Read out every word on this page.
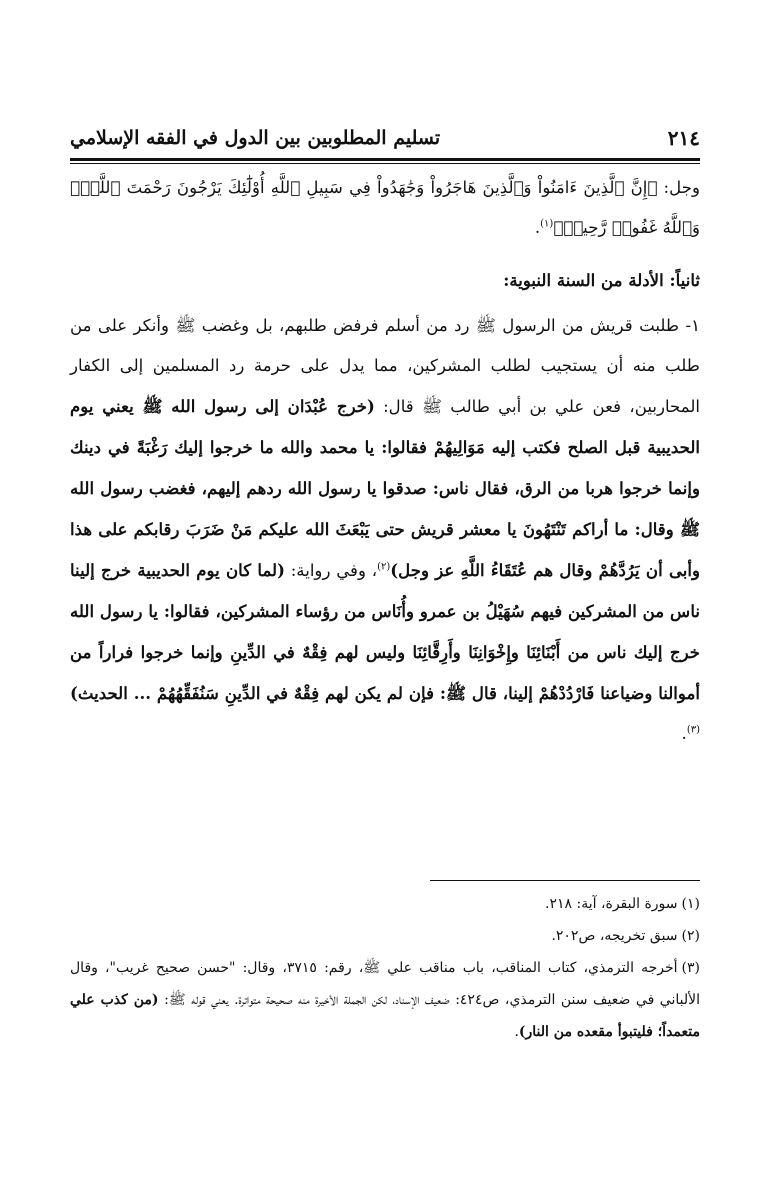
٢١٤
تسليم المطلوبين بين الدول في الفقه الإسلامي

وجل: ﴿إِنَّ ٱلَّذِينَ ءَامَنُواْ وَٱلَّذِينَ هَاجَرُواْ وَجَٰهَدُواْ فِي سَبِيلِ ٱللَّهِ أُوْلَٰٓئِكَ يَرْجُونَ رَحْمَتَ ٱللَّهِۚ وَٱللَّهُ غَفُورٞ رَّحِيمٞ﴾$^{(١)}$.

ثانياً: الأدلة من السنة النبوية:

١- طلبت قريش من الرسول ﷺ رد من أسلم فرفض طلبهم، بل وغضب ﷺ وأنكر على من طلب منه أن يستجيب لطلب المشركين، مما يدل على حرمة رد المسلمين إلى الكفار المحاربين، فعن علي بن أبي طالب ﷺ قال: (خرج عُبْدَان إلى رسول الله ﷺ يعني يوم الحديبية قبل الصلح فكتب إليه مَوَالِيهُمْ فقالوا: يا محمد والله ما خرجوا إليك رَغْبَةً في دينك وإنما خرجوا هربا من الرق، فقال ناس: صدقوا يا رسول الله ردهم إليهم، فغضب رسول الله ﷺ وقال: ما أراكم تَنْتَهُونَ يا معشر قريش حتى يَبْعَثَ الله عليكم مَنْ ضَرَبَ رقابكم على هذا وأبى أن يَرُدَّهُمْ وقال هم عُتَقَاءُ اللَّهِ عز وجل)$^{(٢)}$، وفي رواية: (لما كان يوم الحديبية خرج إلينا ناس من المشركين فيهم سُهَيْلُ بن عمرو وأُنَاس من رؤساء المشركين، فقالوا: يا رسول الله خرج إليك ناس من أَبْنَائِنَا وإِخْوَانِنَا وأَرِقَّائِنَا وليس لهم فِقْهٌ في الدِّينِ وإنما خرجوا فراراً من أموالنا وضياعنا فَارْدُدْهُمْ إلينا، قال ﷺ: فإن لم يكن لهم فِقْهٌ في الدِّينِ سَنُفَقِّهُهُمْ ... الحديث)$^{(٣)}$.

(١)سورة البقرة، آية: ٢١٨.

(٢)سبق تخريجه، ص٢٠٢.

(٣)أخرجه الترمذي، كتاب المناقب، باب مناقب علي ﷺ، رقم: ٣٧١٥، وقال: "حسن صحيح غريب"، وقال الألباني في ضعيف سنن الترمذي، ص٤٢٤: ضعيف الإسناد، لكن الجملة الأخيرة منه صحيحة متواترة. يعني قوله ﷺ: (من كذب علي متعمداً؛ فليتبوأ مقعده من النار).
